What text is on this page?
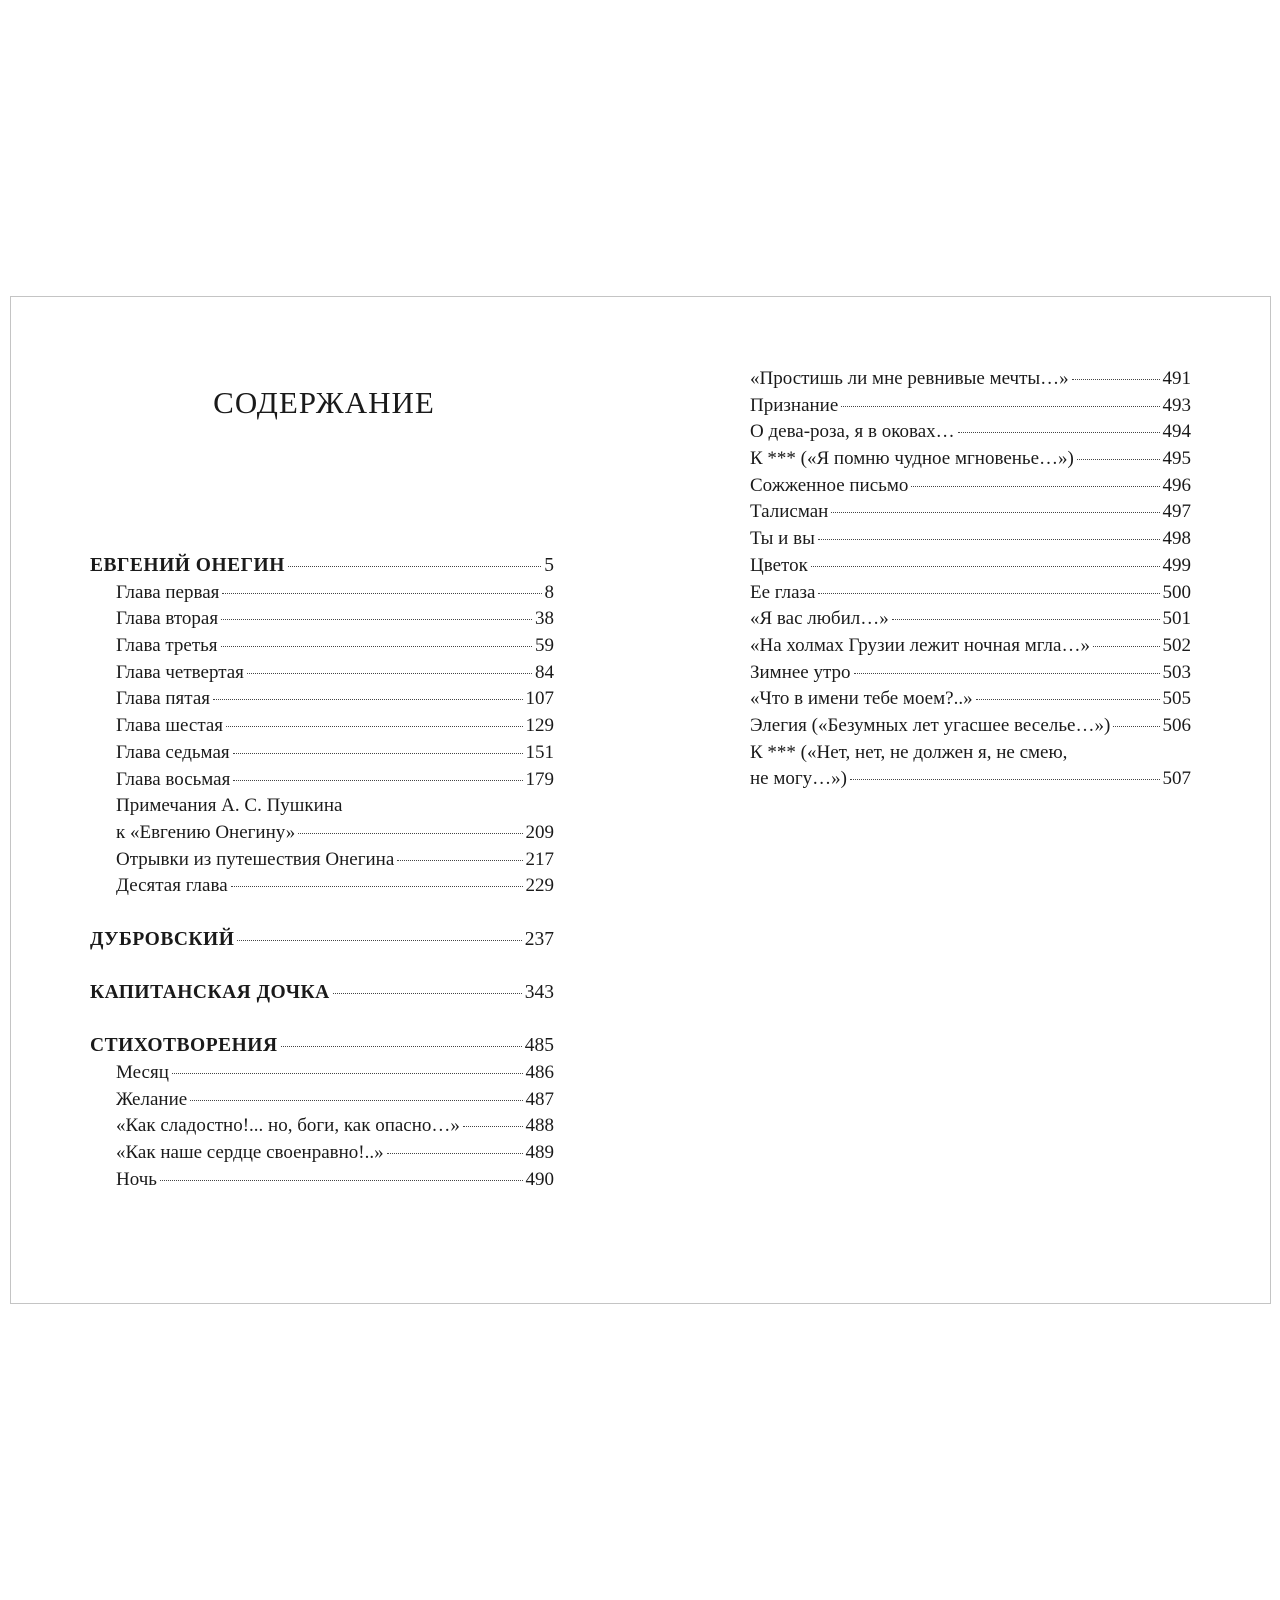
СОДЕРЖАНИЕ
ЕВГЕНИЙ ОНЕГИН	5
Глава первая	8
Глава вторая	38
Глава третья	59
Глава четвертая	84
Глава пятая	107
Глава шестая	129
Глава седьмая	151
Глава восьмая	179
Примечания А. С. Пушкина
к «Евгению Онегину»	209
Отрывки из путешествия Онегина	217
Десятая глава	229
ДУБРОВСКИЙ	237
КАПИТАНСКАЯ ДОЧКА	343
СТИХОТВОРЕНИЯ	485
Месяц	486
Желание	487
«Как сладостно!... но, боги, как опасно…»	488
«Как наше сердце своенравно!..»	489
Ночь	490
«Простишь ли мне ревнивые мечты…»	491
Признание	493
О дева-роза, я в оковах…	494
К *** («Я помню чудное мгновенье…»)	495
Сожженное письмо	496
Талисман	497
Ты и вы	498
Цветок	499
Ее глаза	500
«Я вас любил…»	501
«На холмах Грузии лежит ночная мгла…»	502
Зимнее утро	503
«Что в имени тебе моем?..»	505
Элегия («Безумных лет угасшее веселье…»)	506
К *** («Нет, нет, не должен я, не смею,
не могу…»)	507
